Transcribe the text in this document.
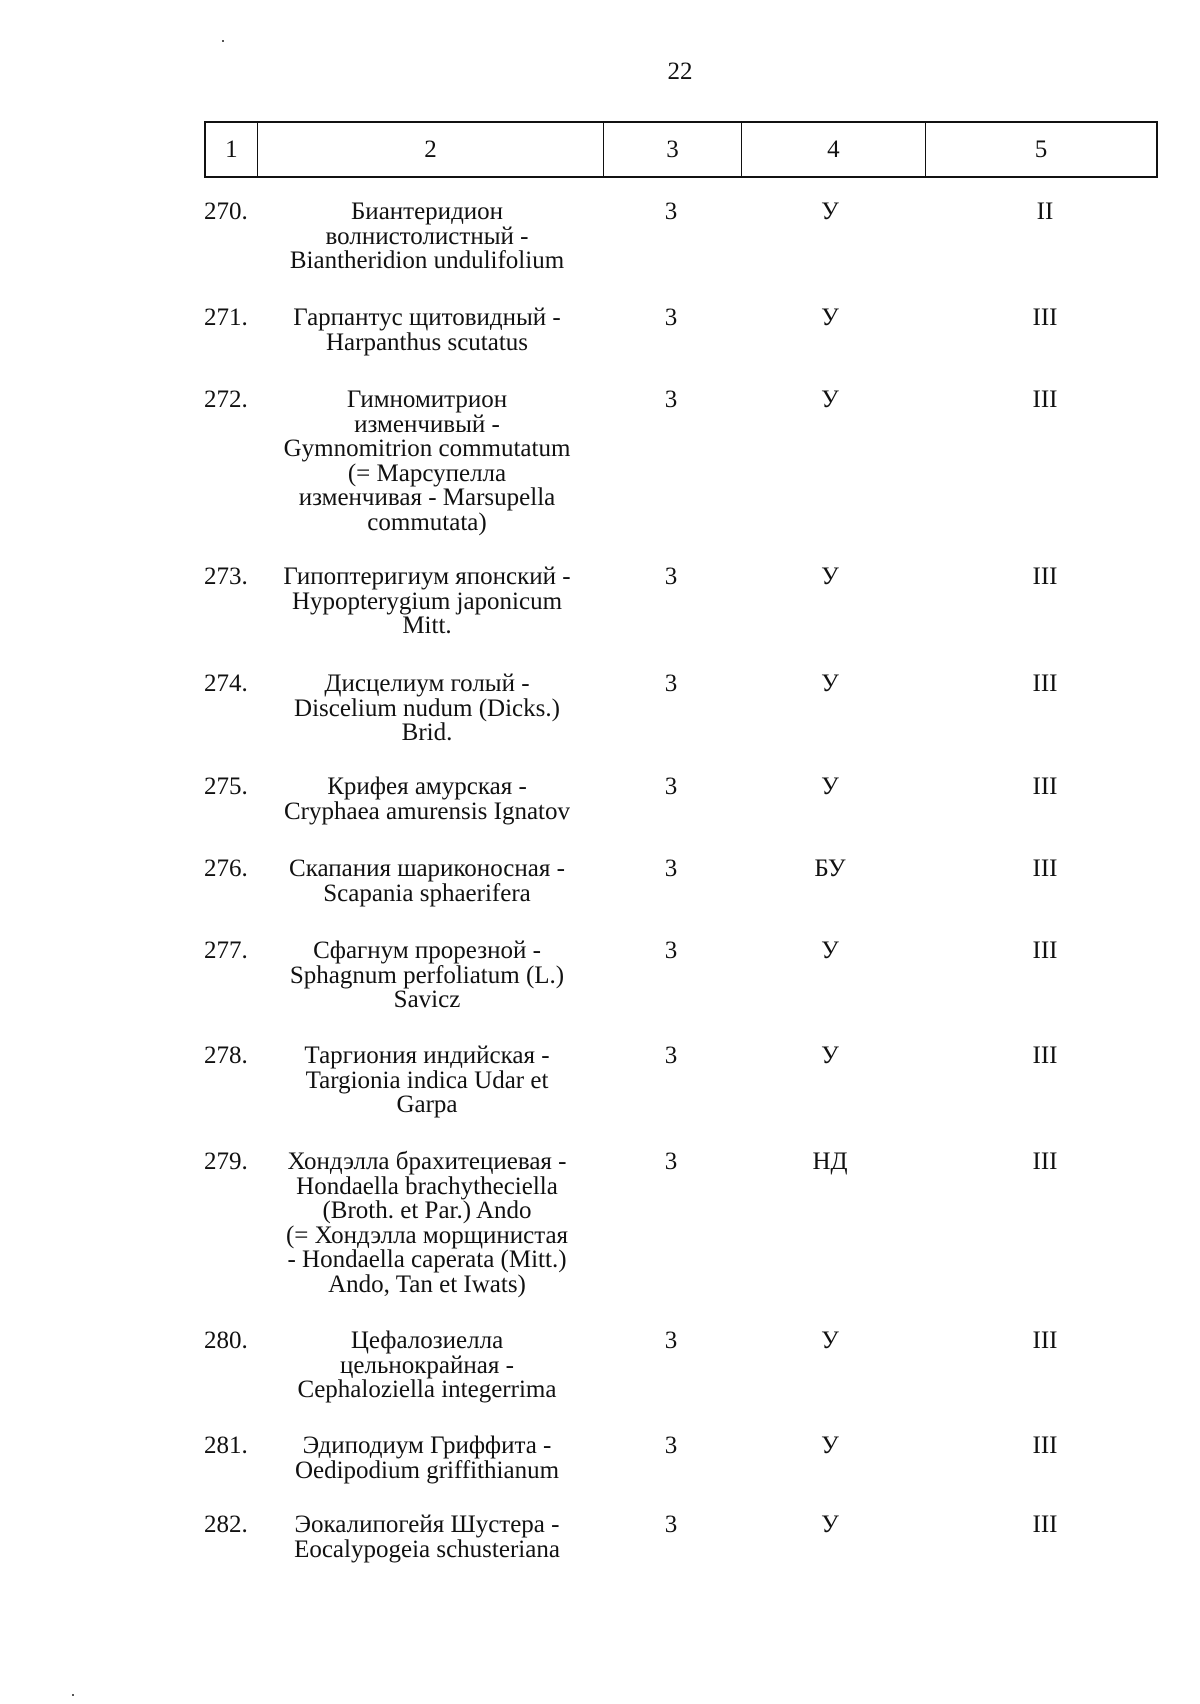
22
1	2	3	4	5
270.	Биантеридион
волнистолистный -
Biantheridion undulifolium
3	У	II
271.	Гарпантус щитовидный -
Harpanthus scutatus
3	У	III
272.	Гимномитрион
изменчивый -
Gymnomitrion commutatum
(= Марсупелла
изменчивая - Marsupella
commutata)
3	У	III
273.	Гипоптеригиум японский -
Hypopterygium japonicum
Mitt.
3	У	III
274.	Дисцелиум голый -
Discelium nudum (Dicks.)
Brid.
3	У	III
275.	Крифея амурская -
Cryphaea amurensis Ignatov
3	У	III
276.	Скапания шариконосная -
Scapania sphaerifera
3	БУ	III
277.	Сфагнум прорезной -
Sphagnum perfoliatum (L.)
Savicz
3	У	III
278.	Таргиония индийская -
Targionia indica Udar et
Garpa
3	У	III
279.	Хондэлла брахитециевая -
Hondaella brachytheciella
(Broth. et Par.) Ando
(= Хондэлла морщинистая
- Hondaella caperata (Mitt.)
Ando, Tan et Iwats)
3	НД	III
280.	Цефалозиелла
цельнокрайная -
Cephaloziella integerrima
3	У	III
281.	Эдиподиум Гриффита -
Oedipodium griffithianum
3	У	III
282.	Эокалипогейя Шустера -
Eocalypogeia schusteriana
3	У	III
